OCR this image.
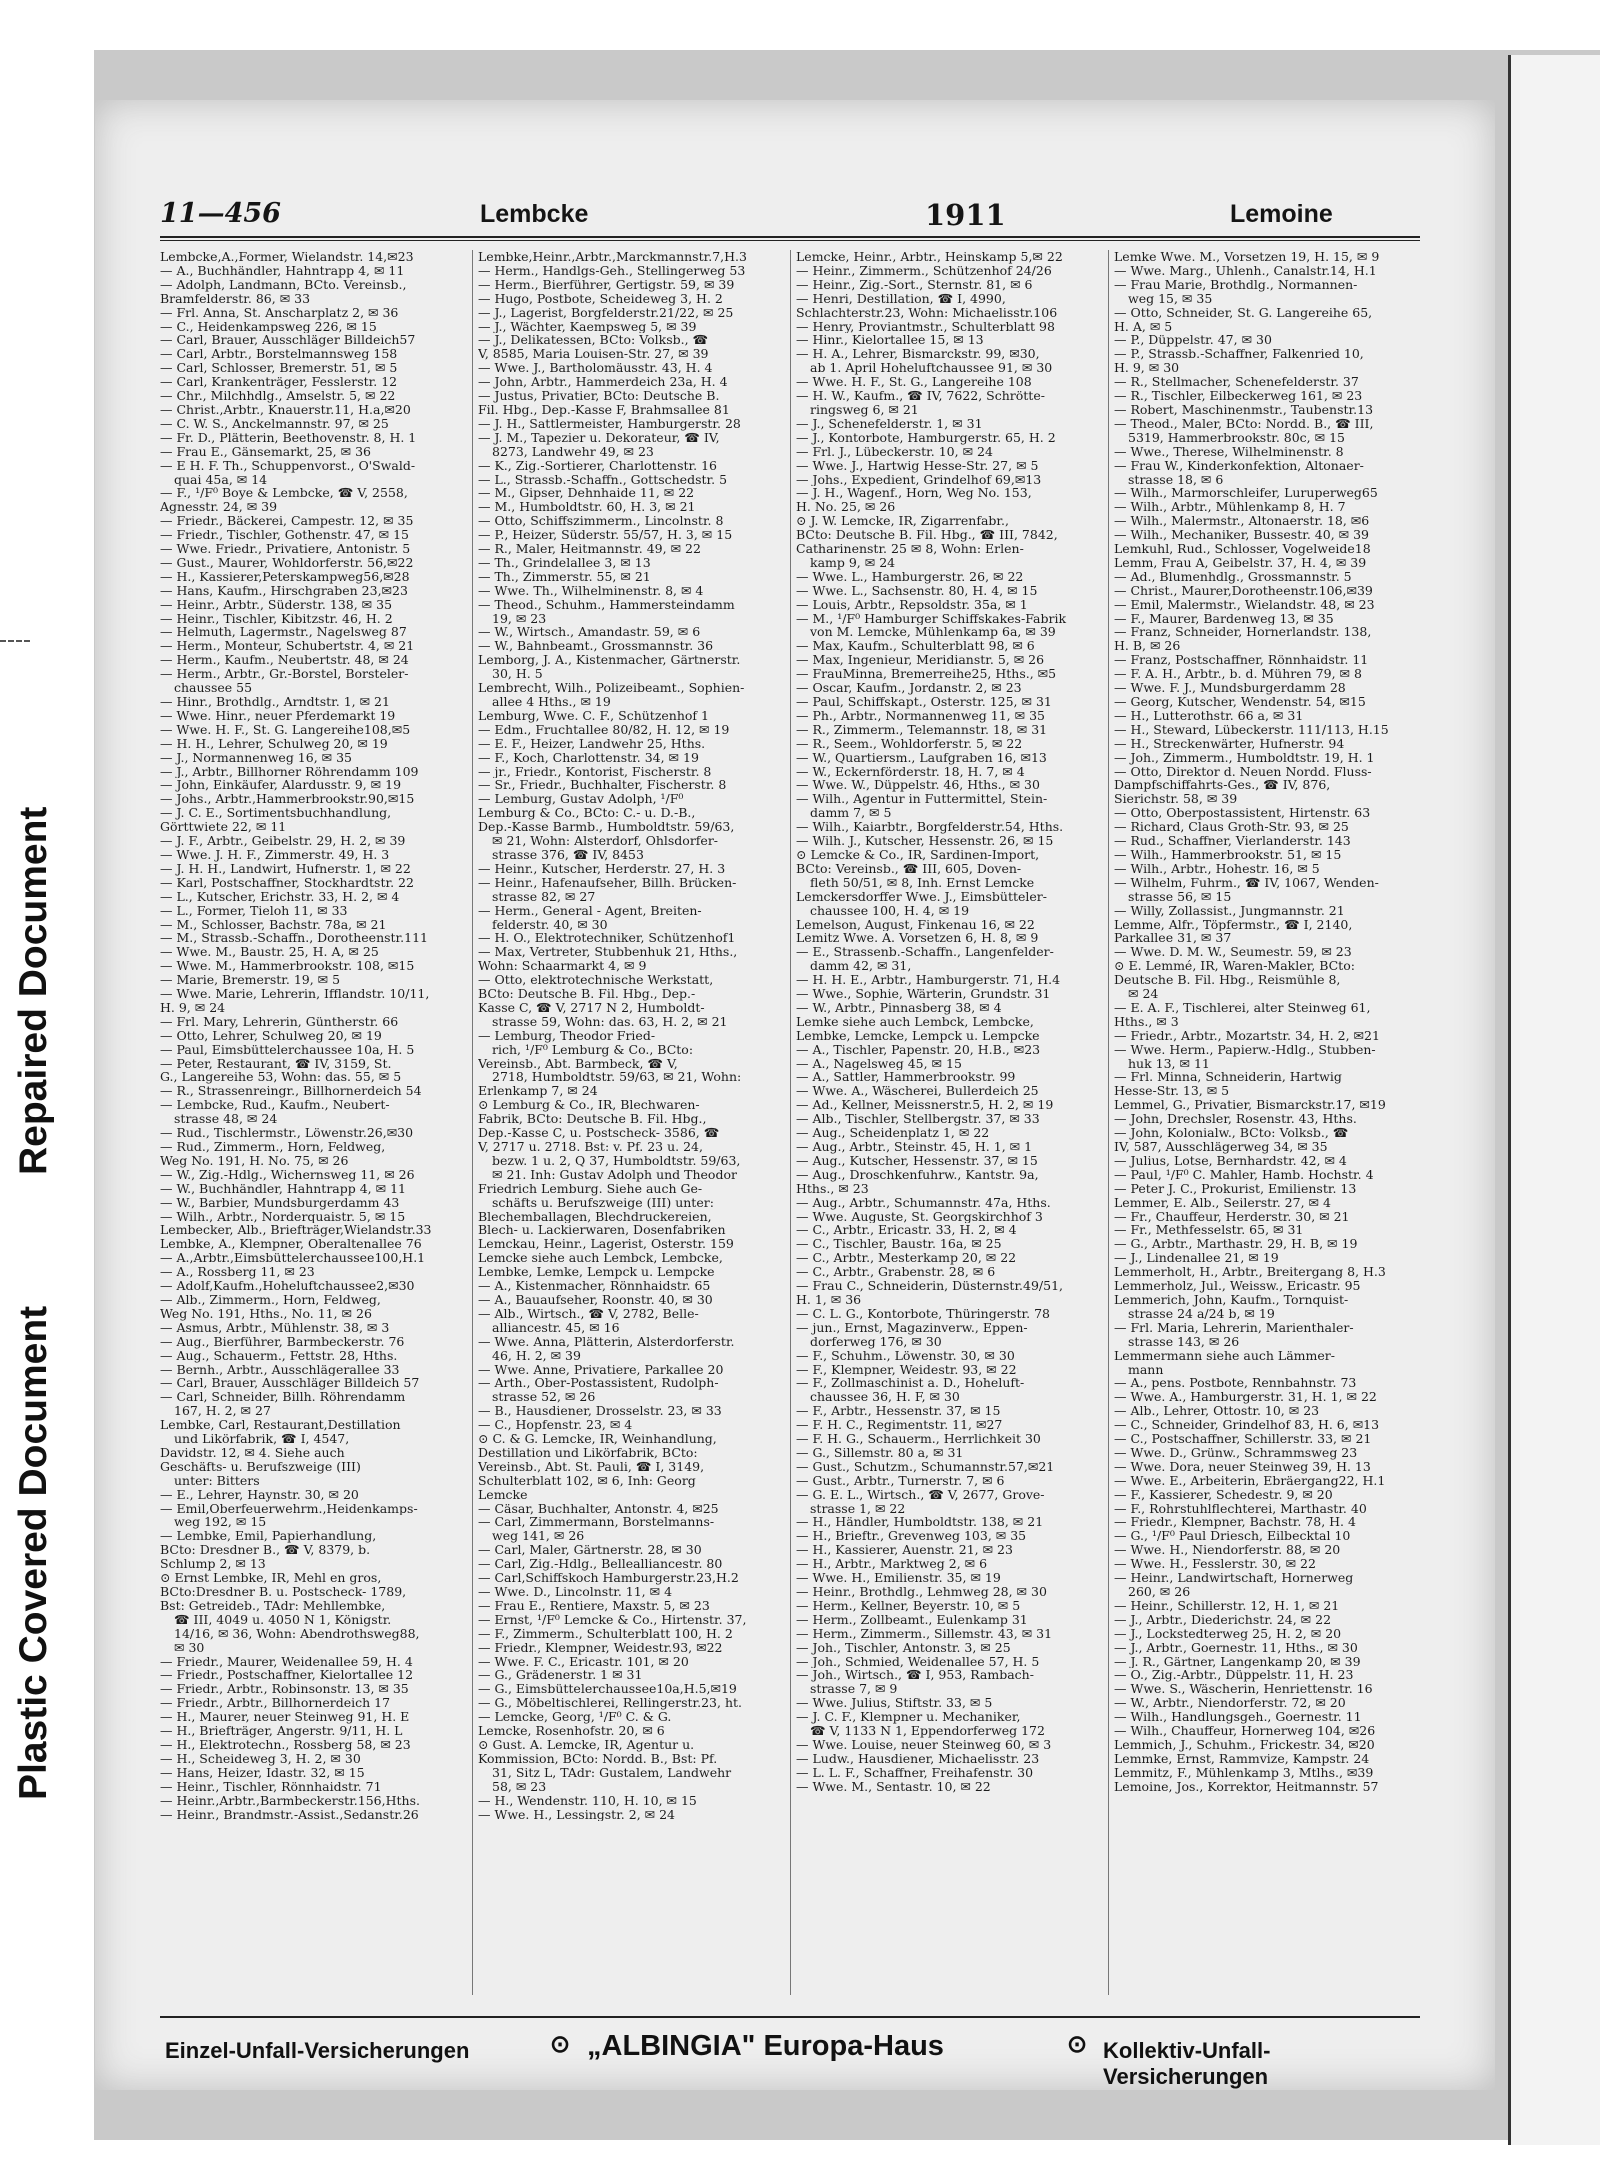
Repaired Document
Plastic Covered Document
11—456	Lembcke	1911	Lemoine
Lembcke,A.,Former, Wielandstr. 14,✉23
— A., Buchhändler, Hahntrapp 4, ✉ 11
— Adolph, Landmann, BCto. Vereinsb.,
Bramfelderstr. 86, ✉ 33
— Frl. Anna, St. Anscharplatz 2, ✉ 36
— C., Heidenkampsweg 226, ✉ 15
— Carl, Brauer, Ausschläger Billdeich57
— Carl, Arbtr., Borstelmannsweg 158
— Carl, Schlosser, Bremerstr. 51, ✉ 5
— Carl, Krankenträger, Fesslerstr. 12
— Chr., Milchhdlg., Amselstr. 5, ✉ 22
— Christ.,Arbtr., Knauerstr.11, H.a,✉20
— C. W. S., Anckelmannstr. 97, ✉ 25
— Fr. D., Plätterin, Beethovenstr. 8, H. 1
— Frau E., Gänsemarkt, 25, ✉ 36
— E H. F. Th., Schuppenvorst., O'Swald-
quai 45a, ✉ 14
— F., ¹/F⁰ Boye & Lembcke, ☎ V, 2558,
Agnesstr. 24, ✉ 39
— Friedr., Bäckerei, Campestr. 12, ✉ 35
— Friedr., Tischler, Gothenstr. 47, ✉ 15
— Wwe. Friedr., Privatiere, Antonistr. 5
— Gust., Maurer, Wohldorferstr. 56,✉22
— H., Kassierer,Peterskampweg56,✉28
— Hans, Kaufm., Hirschgraben 23,✉23
— Heinr., Arbtr., Süderstr. 138, ✉ 35
— Heinr., Tischler, Kibitzstr. 46, H. 2
— Helmuth, Lagermstr., Nagelsweg 87
— Herm., Monteur, Schubertstr. 4, ✉ 21
— Herm., Kaufm., Neubertstr. 48, ✉ 24
— Herm., Arbtr., Gr.-Borstel, Borsteler-
chaussee 55
— Hinr., Brothdlg., Arndtstr. 1, ✉ 21
— Wwe. Hinr., neuer Pferdemarkt 19
— Wwe. H. F., St. G. Langereihe108,✉5
— H. H., Lehrer, Schulweg 20, ✉ 19
— J., Normannenweg 16, ✉ 35
— J., Arbtr., Billhorner Röhrendamm 109
— John, Einkäufer, Alardusstr. 9, ✉ 19
— Johs., Arbtr.,Hammerbrookstr.90,✉15
— J. C. E., Sortimentsbuchhandlung,
Görttwiete 22, ✉ 11
— J. F., Arbtr., Geibelstr. 29, H. 2, ✉ 39
— Wwe. J. H. F., Zimmerstr. 49, H. 3
— J. H. H., Landwirt, Hufnerstr. 1, ✉ 22
— Karl, Postschaffner, Stockhardtstr. 22
— L., Kutscher, Erichstr. 33, H. 2, ✉ 4
— L., Former, Tieloh 11, ✉ 33
— M., Schlosser, Bachstr. 78a, ✉ 21
— M., Strassb.-Schaffn., Dorotheenstr.111
— Wwe. M., Baustr. 25, H. A, ✉ 25
— Wwe. M., Hammerbrookstr. 108, ✉15
— Marie, Bremerstr. 19, ✉ 5
— Wwe. Marie, Lehrerin, Ifflandstr. 10/11,
H. 9, ✉ 24
— Frl. Mary, Lehrerin, Güntherstr. 66
— Otto, Lehrer, Schulweg 20, ✉ 19
— Paul, Eimsbüttelerchaussee 10a, H. 5
— Peter, Restaurant, ☎ IV, 3159, St.
G., Langereihe 53, Wohn: das. 55, ✉ 5
— R., Strassenreingr., Billhornerdeich 54
— Lembcke, Rud., Kaufm., Neubert-
strasse 48, ✉ 24
— Rud., Tischlermstr., Löwenstr.26,✉30
— Rud., Zimmerm., Horn, Feldweg,
Weg No. 191, H. No. 75, ✉ 26
— W., Zig.-Hdlg., Wichernsweg 11, ✉ 26
— W., Buchhändler, Hahntrapp 4, ✉ 11
— W., Barbier, Mundsburgerdamm 43
— Wilh., Arbtr., Norderquaistr. 5, ✉ 15
Lembecker, Alb., Briefträger,Wielandstr.33
Lembke, A., Klempner, Oberaltenallee 76
— A.,Arbtr.,Eimsbüttelerchaussee100,H.1
— A., Rossberg 11, ✉ 23
— Adolf,Kaufm.,Hoheluftchaussee2,✉30
— Alb., Zimmerm., Horn, Feldweg,
Weg No. 191, Hths., No. 11, ✉ 26
— Asmus, Arbtr., Mühlenstr. 38, ✉ 3
— Aug., Bierführer, Barmbeckerstr. 76
— Aug., Schauerm., Fettstr. 28, Hths.
— Bernh., Arbtr., Ausschlägerallee 33
— Carl, Brauer, Ausschläger Billdeich 57
— Carl, Schneider, Billh. Röhrendamm
167, H. 2, ✉ 27
Lembke, Carl, Restaurant,Destillation
und Likörfabrik, ☎ I, 4547,
Davidstr. 12, ✉ 4. Siehe auch
Geschäfts- u. Berufszweige (III)
unter: Bitters
— E., Lehrer, Haynstr. 30, ✉ 20
— Emil,Oberfeuerwehrm.,Heidenkamps-
weg 192, ✉ 15
— Lembke, Emil, Papierhandlung,
BCto: Dresdner B., ☎ V, 8379, b.
Schlump 2, ✉ 13
⊙ Ernst Lembke, IR, Mehl en gros,
BCto:Dresdner B. u. Postscheck- 1789,
Bst: Getreideb., TAdr: Mehllembke,
☎ III, 4049 u. 4050 N 1, Königstr.
14/16, ✉ 36, Wohn: Abendrothsweg88,
✉ 30
— Friedr., Maurer, Weidenallee 59, H. 4
— Friedr., Postschaffner, Kielortallee 12
— Friedr., Arbtr., Robinsonstr. 13, ✉ 35
— Friedr., Arbtr., Billhornerdeich 17
— H., Maurer, neuer Steinweg 91, H. E
— H., Briefträger, Angerstr. 9/11, H. L
— H., Elektrotechn., Rossberg 58, ✉ 23
— H., Scheideweg 3, H. 2, ✉ 30
— Hans, Heizer, Idastr. 32, ✉ 15
— Heinr., Tischler, Rönnhaidstr. 71
— Heinr.,Arbtr.,Barmbeckerstr.156,Hths.
— Heinr., Brandmstr.-Assist.,Sedanstr.26
Lembke,Heinr.,Arbtr.,Marckmannstr.7,H.3
— Herm., Handlgs-Geh., Stellingerweg 53
— Herm., Bierführer, Gertigstr. 59, ✉ 39
— Hugo, Postbote, Scheideweg 3, H. 2
— J., Lagerist, Borgfelderstr.21/22, ✉ 25
— J., Wächter, Kaempsweg 5, ✉ 39
— J., Delikatessen, BCto: Volksb., ☎
V, 8585, Maria Louisen-Str. 27, ✉ 39
— Wwe. J., Bartholomäusstr. 43, H. 4
— John, Arbtr., Hammerdeich 23a, H. 4
— Justus, Privatier, BCto: Deutsche B.
Fil. Hbg., Dep.-Kasse F, Brahmsallee 81
— J. H., Sattlermeister, Hamburgerstr. 28
— J. M., Tapezier u. Dekorateur, ☎ IV,
8273, Landwehr 49, ✉ 23
— K., Zig.-Sortierer, Charlottenstr. 16
— L., Strassb.-Schaffn., Gottschedstr. 5
— M., Gipser, Dehnhaide 11, ✉ 22
— M., Humboldtstr. 60, H. 3, ✉ 21
— Otto, Schiffszimmerm., Lincolnstr. 8
— P., Heizer, Süderstr. 55/57, H. 3, ✉ 15
— R., Maler, Heitmannstr. 49, ✉ 22
— Th., Grindelallee 3, ✉ 13
— Th., Zimmerstr. 55, ✉ 21
— Wwe. Th., Wilhelminenstr. 8, ✉ 4
— Theod., Schuhm., Hammersteindamm
19, ✉ 23
— W., Wirtsch., Amandastr. 59, ✉ 6
— W., Bahnbeamt., Grossmannstr. 36
Lemborg, J. A., Kistenmacher, Gärtnerstr.
30, H. 5
Lembrecht, Wilh., Polizeibeamt., Sophien-
allee 4 Hths., ✉ 19
Lemburg, Wwe. C. F., Schützenhof 1
— Edm., Fruchtallee 80/82, H. 12, ✉ 19
— E. F., Heizer, Landwehr 25, Hths.
— F., Koch, Charlottenstr. 34, ✉ 19
— jr., Friedr., Kontorist, Fischerstr. 8
— Sr., Friedr., Buchhalter, Fischerstr. 8
— Lemburg, Gustav Adolph, ¹/F⁰
Lemburg & Co., BCto: C.- u. D.-B.,
Dep.-Kasse Barmb., Humboldtstr. 59/63,
✉ 21, Wohn: Alsterdorf, Ohlsdorfer-
strasse 376, ☎ IV, 8453
— Heinr., Kutscher, Herderstr. 27, H. 3
— Heinr., Hafenaufseher, Billh. Brücken-
strasse 82, ✉ 27
— Herm., General - Agent, Breiten-
felderstr. 40, ✉ 30
— H. O., Elektrotechniker, Schützenhof1
— Max, Vertreter, Stubbenhuk 21, Hths.,
Wohn: Schaarmarkt 4, ✉ 9
— Otto, elektrotechnische Werkstatt,
BCto: Deutsche B. Fil. Hbg., Dep.-
Kasse C, ☎ V, 2717 N 2, Humboldt-
strasse 59, Wohn: das. 63, H. 2, ✉ 21
— Lemburg, Theodor Fried-
rich, ¹/F⁰ Lemburg & Co., BCto:
Vereinsb., Abt. Barmbeck, ☎ V,
2718, Humboldtstr. 59/63, ✉ 21, Wohn:
Erlenkamp 7, ✉ 24
⊙ Lemburg & Co., IR, Blechwaren-
Fabrik, BCto: Deutsche B. Fil. Hbg.,
Dep.-Kasse C, u. Postscheck- 3586, ☎
V, 2717 u. 2718. Bst: v. Pf. 23 u. 24,
bezw. 1 u. 2, Q 37, Humboldtstr. 59/63,
✉ 21. Inh: Gustav Adolph und Theodor
Friedrich Lemburg. Siehe auch Ge-
schäfts u. Berufszweige (III) unter:
Blechemballagen, Blechdruckereien,
Blech- u. Lackierwaren, Dosenfabriken
Lemckau, Heinr., Lagerist, Osterstr. 159
Lemcke siehe auch Lembck, Lembcke,
Lembke, Lemke, Lempck u. Lempcke
— A., Kistenmacher, Rönnhaidstr. 65
— A., Bauaufseher, Roonstr. 40, ✉ 30
— Alb., Wirtsch., ☎ V, 2782, Belle-
alliancestr. 45, ✉ 16
— Wwe. Anna, Plätterin, Alsterdorferstr.
46, H. 2, ✉ 39
— Wwe. Anne, Privatiere, Parkallee 20
— Arth., Ober-Postassistent, Rudolph-
strasse 52, ✉ 26
— B., Hausdiener, Drosselstr. 23, ✉ 33
— C., Hopfenstr. 23, ✉ 4
⊙ C. & G. Lemcke, IR, Weinhandlung,
Destillation und Likörfabrik, BCto:
Vereinsb., Abt. St. Pauli, ☎ I, 3149,
Schulterblatt 102, ✉ 6, Inh: Georg
Lemcke
— Cäsar, Buchhalter, Antonstr. 4, ✉25
— Carl, Zimmermann, Borstelmanns-
weg 141, ✉ 26
— Carl, Maler, Gärtnerstr. 28, ✉ 30
— Carl, Zig.-Hdlg., Bellealliancestr. 80
— Carl,Schiffskoch Hamburgerstr.23,H.2
— Wwe. D., Lincolnstr. 11, ✉ 4
— Frau E., Rentiere, Maxstr. 5, ✉ 23
— Ernst, ¹/F⁰ Lemcke & Co., Hirtenstr. 37,
— F., Zimmerm., Schulterblatt 100, H. 2
— Friedr., Klempner, Weidestr.93, ✉22
— Wwe. F. C., Ericastr. 101, ✉ 20
— G., Grädenerstr. 1 ✉ 31
— G., Eimsbüttelerchaussee10a,H.5,✉19
— G., Möbeltischlerei, Rellingerstr.23, ht.
— Lemcke, Georg, ¹/F⁰ C. & G.
Lemcke, Rosenhofstr. 20, ✉ 6
⊙ Gust. A. Lemcke, IR, Agentur u.
Kommission, BCto: Nordd. B., Bst: Pf.
31, Sitz L, TAdr: Gustalem, Landwehr
58, ✉ 23
— H., Wendenstr. 110, H. 10, ✉ 15
— Wwe. H., Lessingstr. 2, ✉ 24
Lemcke, Heinr., Arbtr., Heinskamp 5,✉ 22
— Heinr., Zimmerm., Schützenhof 24/26
— Heinr., Zig.-Sort., Sternstr. 81, ✉ 6
— Henri, Destillation, ☎ I, 4990,
Schlachterstr.23, Wohn: Michaelisstr.106
— Henry, Proviantmstr., Schulterblatt 98
— Hinr., Kielortallee 15, ✉ 13
— H. A., Lehrer, Bismarckstr. 99, ✉30,
ab 1. April Hoheluftchaussee 91, ✉ 30
— Wwe. H. F., St. G., Langereihe 108
— H. W., Kaufm., ☎ IV, 7622, Schrötte-
ringsweg 6, ✉ 21
— J., Schenefelderstr. 1, ✉ 31
— J., Kontorbote, Hamburgerstr. 65, H. 2
— Frl. J., Lübeckerstr. 10, ✉ 24
— Wwe. J., Hartwig Hesse-Str. 27, ✉ 5
— Johs., Expedient, Grindelhof 69,✉13
— J. H., Wagenf., Horn, Weg No. 153,
H. No. 25, ✉ 26
⊙ J. W. Lemcke, IR, Zigarrenfabr.,
BCto: Deutsche B. Fil. Hbg., ☎ III, 7842,
Catharinenstr. 25 ✉ 8, Wohn: Erlen-
kamp 9, ✉ 24
— Wwe. L., Hamburgerstr. 26, ✉ 22
— Wwe. L., Sachsenstr. 80, H. 4, ✉ 15
— Louis, Arbtr., Repsoldstr. 35a, ✉ 1
— M., ¹/F⁰ Hamburger Schiffskakes-Fabrik
von M. Lemcke, Mühlenkamp 6a, ✉ 39
— Max, Kaufm., Schulterblatt 98, ✉ 6
— Max, Ingenieur, Meridianstr. 5, ✉ 26
— FrauMinna, Bremerreihe25, Hths., ✉5
— Oscar, Kaufm., Jordanstr. 2, ✉ 23
— Paul, Schiffskapt., Osterstr. 125, ✉ 31
— Ph., Arbtr., Normannenweg 11, ✉ 35
— R., Zimmerm., Telemannstr. 18, ✉ 31
— R., Seem., Wohldorferstr. 5, ✉ 22
— W., Quartiersm., Laufgraben 16, ✉13
— W., Eckernförderstr. 18, H. 7, ✉ 4
— Wwe. W., Düppelstr. 46, Hths., ✉ 30
— Wilh., Agentur in Futtermittel, Stein-
damm 7, ✉ 5
— Wilh., Kaiarbtr., Borgfelderstr.54, Hths.
— Wilh. J., Kutscher, Hessenstr. 26, ✉ 15
⊙ Lemcke & Co., IR, Sardinen-Import,
BCto: Vereinsb., ☎ III, 605, Doven-
fleth 50/51, ✉ 8, Inh. Ernst Lemcke
Lemckersdorffer Wwe. J., Eimsbütteler-
chaussee 100, H. 4, ✉ 19
Lemelson, August, Finkenau 16, ✉ 22
Lemitz Wwe. A. Vorsetzen 6, H. 8, ✉ 9
— E., Strassenb.-Schaffn., Langenfelder-
damm 42, ✉ 31,
— H. H. E., Arbtr., Hamburgerstr. 71, H.4
— Wwe., Sophie, Wärterin, Grundstr. 31
— W., Arbtr., Pinnasberg 38, ✉ 4
Lemke siehe auch Lembck, Lembcke,
Lembke, Lemcke, Lempck u. Lempcke
— A., Tischler, Papenstr. 20, H.B., ✉23
— A., Nagelsweg 45, ✉ 15
— A., Sattler, Hammerbrookstr. 99
— Wwe. A., Wäscherei, Bullerdeich 25
— Ad., Kellner, Meissnerstr.5, H. 2, ✉ 19
— Alb., Tischler, Stellbergstr. 37, ✉ 33
— Aug., Scheidenplatz 1, ✉ 22
— Aug., Arbtr., Steinstr. 45, H. 1, ✉ 1
— Aug., Kutscher, Hessenstr. 37, ✉ 15
— Aug., Droschkenfuhrw., Kantstr. 9a,
Hths., ✉ 23
— Aug., Arbtr., Schumannstr. 47a, Hths.
— Wwe. Auguste, St. Georgskirchhof 3
— C., Arbtr., Ericastr. 33, H. 2, ✉ 4
— C., Tischler, Baustr. 16a, ✉ 25
— C., Arbtr., Mesterkamp 20, ✉ 22
— C., Arbtr., Grabenstr. 28, ✉ 6
— Frau C., Schneiderin, Düsternstr.49/51,
H. 1, ✉ 36
— C. L. G., Kontorbote, Thüringerstr. 78
— jun., Ernst, Magazinverw., Eppen-
dorferweg 176, ✉ 30
— F., Schuhm., Löwenstr. 30, ✉ 30
— F., Klempner, Weidestr. 93, ✉ 22
— F., Zollmaschinist a. D., Hoheluft-
chaussee 36, H. F, ✉ 30
— F., Arbtr., Hessenstr. 37, ✉ 15
— F. H. C., Regimentstr. 11, ✉27
— F. H. G., Schauerm., Herrlichkeit 30
— G., Sillemstr. 80 a, ✉ 31
— Gust., Schutzm., Schumannstr.57,✉21
— Gust., Arbtr., Turnerstr. 7, ✉ 6
— G. E. L., Wirtsch., ☎ V, 2677, Grove-
strasse 1, ✉ 22
— H., Händler, Humboldtstr. 138, ✉ 21
— H., Brieftr., Grevenweg 103, ✉ 35
— H., Kassierer, Auenstr. 21, ✉ 23
— H., Arbtr., Marktweg 2, ✉ 6
— Wwe. H., Emilienstr. 35, ✉ 19
— Heinr., Brothdlg., Lehmweg 28, ✉ 30
— Herm., Kellner, Beyerstr. 10, ✉ 5
— Herm., Zollbeamt., Eulenkamp 31
— Herm., Zimmerm., Sillemstr. 43, ✉ 31
— Joh., Tischler, Antonstr. 3, ✉ 25
— Joh., Schmied, Weidenallee 57, H. 5
— Joh., Wirtsch., ☎ I, 953, Rambach-
strasse 7, ✉ 9
— Wwe. Julius, Stiftstr. 33, ✉ 5
— J. C. F., Klempner u. Mechaniker,
☎ V, 1133 N 1, Eppendorferweg 172
— Wwe. Louise, neuer Steinweg 60, ✉ 3
— Ludw., Hausdiener, Michaelisstr. 23
— L. L. F., Schaffner, Freihafenstr. 30
— Wwe. M., Sentastr. 10, ✉ 22
Lemke Wwe. M., Vorsetzen 19, H. 15, ✉ 9
— Wwe. Marg., Uhlenh., Canalstr.14, H.1
— Frau Marie, Brothdlg., Normannen-
weg 15, ✉ 35
— Otto, Schneider, St. G. Langereihe 65,
H. A, ✉ 5
— P., Düppelstr. 47, ✉ 30
— P., Strassb.-Schaffner, Falkenried 10,
H. 9, ✉ 30
— R., Stellmacher, Schenefelderstr. 37
— R., Tischler, Eilbeckerweg 161, ✉ 23
— Robert, Maschinenmstr., Taubenstr.13
— Theod., Maler, BCto: Nordd. B., ☎ III,
5319, Hammerbrookstr. 80c, ✉ 15
— Wwe., Therese, Wilhelminenstr. 8
— Frau W., Kinderkonfektion, Altonaer-
strasse 18, ✉ 6
— Wilh., Marmorschleifer, Luruperweg65
— Wilh., Arbtr., Mühlenkamp 8, H. 7
— Wilh., Malermstr., Altonaerstr. 18, ✉6
— Wilh., Mechaniker, Bussestr. 40, ✉ 39
Lemkuhl, Rud., Schlosser, Vogelweide18
Lemm, Frau A, Geibelstr. 37, H. 4, ✉ 39
— Ad., Blumenhdlg., Grossmannstr. 5
— Christ., Maurer,Dorotheenstr.106,✉39
— Emil, Malermstr., Wielandstr. 48, ✉ 23
— F., Maurer, Bardenweg 13, ✉ 35
— Franz, Schneider, Hornerlandstr. 138,
H. B, ✉ 26
— Franz, Postschaffner, Rönnhaidstr. 11
— F. A. H., Arbtr., b. d. Mühren 79, ✉ 8
— Wwe. F. J., Mundsburgerdamm 28
— Georg, Kutscher, Wendenstr. 54, ✉15
— H., Lutterothstr. 66 a, ✉ 31
— H., Steward, Lübeckerstr. 111/113, H.15
— H., Streckenwärter, Hufnerstr. 94
— Joh., Zimmerm., Humboldtstr. 19, H. 1
— Otto, Direktor d. Neuen Nordd. Fluss-
Dampfschiffahrts-Ges., ☎ IV, 876,
Sierichstr. 58, ✉ 39
— Otto, Oberpostassistent, Hirtenstr. 63
— Richard, Claus Groth-Str. 93, ✉ 25
— Rud., Schaffner, Vierlanderstr. 143
— Wilh., Hammerbrookstr. 51, ✉ 15
— Wilh., Arbtr., Hohestr. 16, ✉ 5
— Wilhelm, Fuhrm., ☎ IV, 1067, Wenden-
strasse 56, ✉ 15
— Willy, Zollassist., Jungmannstr. 21
Lemme, Alfr., Töpfermstr., ☎ I, 2140,
Parkallee 31, ✉ 37
— Wwe. D. M. W., Seumestr. 59, ✉ 23
⊙ E. Lemmé, IR, Waren-Makler, BCto:
Deutsche B. Fil. Hbg., Reismühle 8,
✉ 24
— E. A. F., Tischlerei, alter Steinweg 61,
Hths., ✉ 3
— Friedr., Arbtr., Mozartstr. 34, H. 2, ✉21
— Wwe. Herm., Papierw.-Hdlg., Stubben-
huk 13, ✉ 11
— Frl. Minna, Schneiderin, Hartwig
Hesse-Str. 13, ✉ 5
Lemmel, G., Privatier, Bismarckstr.17, ✉19
— John, Drechsler, Rosenstr. 43, Hths.
— John, Kolonialw., BCto: Volksb., ☎
IV, 587, Ausschlägerweg 34, ✉ 35
— Julius, Lotse, Bernhardstr. 42, ✉ 4
— Paul, ¹/F⁰ C. Mahler, Hamb. Hochstr. 4
— Peter J. C., Prokurist, Emilienstr. 13
Lemmer, E. Alb., Seilerstr. 27, ✉ 4
— Fr., Chauffeur, Herderstr. 30, ✉ 21
— Fr., Methfesselstr. 65, ✉ 31
— G., Arbtr., Marthastr. 29, H. B, ✉ 19
— J., Lindenallee 21, ✉ 19
Lemmerholt, H., Arbtr., Breitergang 8, H.3
Lemmerholz, Jul., Weissw., Ericastr. 95
Lemmerich, John, Kaufm., Tornquist-
strasse 24 a/24 b, ✉ 19
— Frl. Maria, Lehrerin, Marienthaler-
strasse 143, ✉ 26
Lemmermann siehe auch Lämmer-
mann
— A., pens. Postbote, Rennbahnstr. 73
— Wwe. A., Hamburgerstr. 31, H. 1, ✉ 22
— Alb., Lehrer, Ottostr. 10, ✉ 23
— C., Schneider, Grindelhof 83, H. 6, ✉13
— C., Postschaffner, Schillerstr. 33, ✉ 21
— Wwe. D., Grünw., Schrammsweg 23
— Wwe. Dora, neuer Steinweg 39, H. 13
— Wwe. E., Arbeiterin, Ebräergang22, H.1
— F., Kassierer, Schedestr. 9, ✉ 20
— F., Rohrstuhlflechterei, Marthastr. 40
— Friedr., Klempner, Bachstr. 78, H. 4
— G., ¹/F⁰ Paul Driesch, Eilbecktal 10
— Wwe. H., Niendorferstr. 88, ✉ 20
— Wwe. H., Fesslerstr. 30, ✉ 22
— Heinr., Landwirtschaft, Hornerweg
260, ✉ 26
— Heinr., Schillerstr. 12, H. 1, ✉ 21
— J., Arbtr., Diederichstr. 24, ✉ 22
— J., Lockstedterweg 25, H. 2, ✉ 20
— J., Arbtr., Goernestr. 11, Hths., ✉ 30
— J. R., Gärtner, Langenkamp 20, ✉ 39
— O., Zig.-Arbtr., Düppelstr. 11, H. 23
— Wwe. S., Wäscherin, Henriettenstr. 16
— W., Arbtr., Niendorferstr. 72, ✉ 20
— Wilh., Handlungsgeh., Goernestr. 11
— Wilh., Chauffeur, Hornerweg 104, ✉26
Lemmich, J., Schuhm., Frickestr. 34, ✉20
Lemmke, Ernst, Rammvize, Kampstr. 24
Lemmitz, F., Mühlenkamp 3, Mtlhs., ✉39
Lemoine, Jos., Korrektor, Heitmannstr. 57
Einzel-Unfall-Versicherungen	„ALBINGIA" Europa-Haus
⊙	⊙ Kollektiv-Unfall-Versicherungen
